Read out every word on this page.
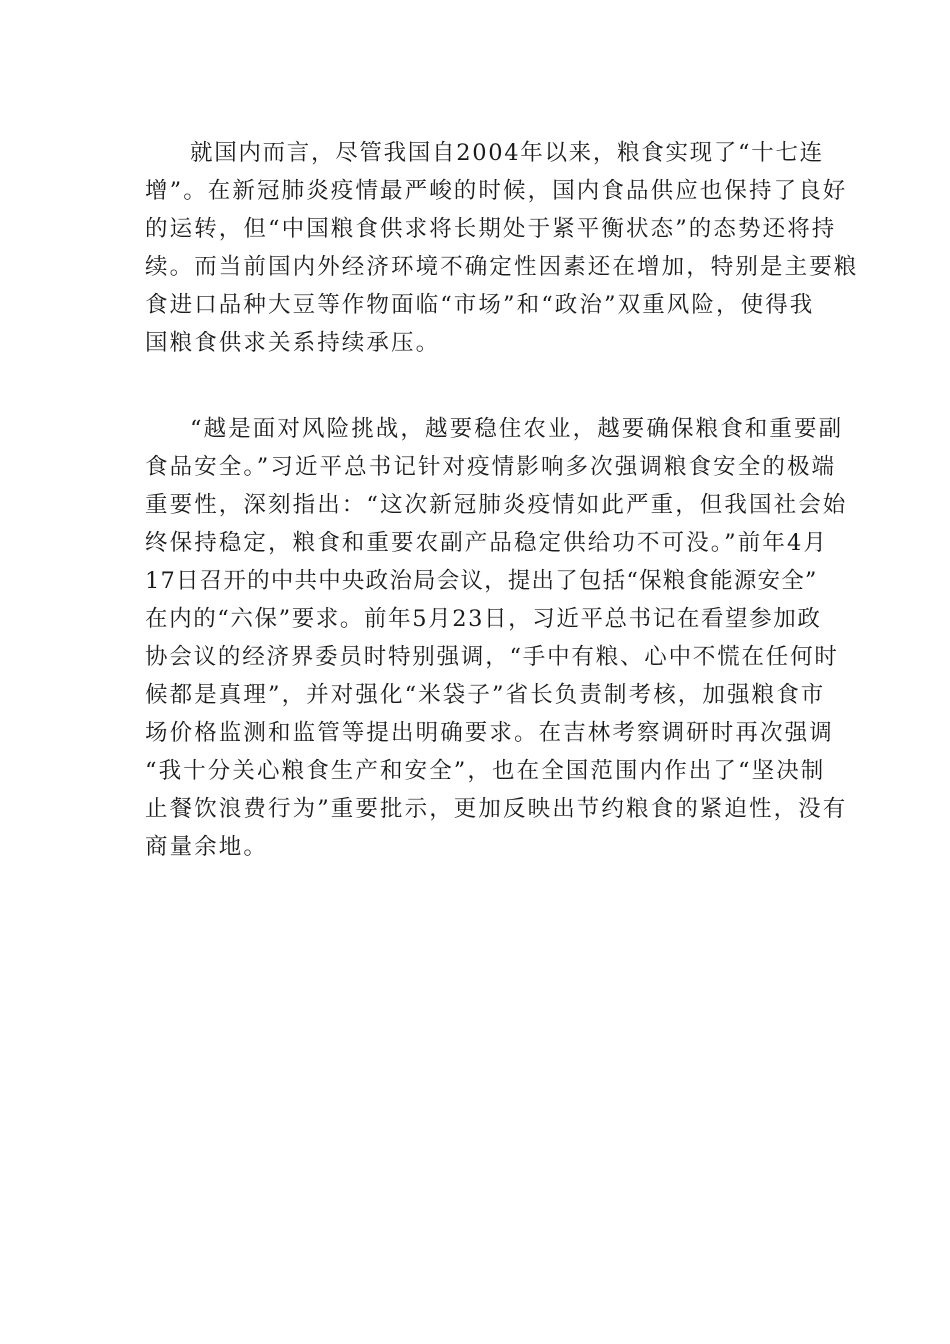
就国内而言，尽管我国自2004年以来，粮食实现了“十七连
增”。在新冠肺炎疫情最严峻的时候，国内食品供应也保持了良好
的运转，但“中国粮食供求将长期处于紧平衡状态”的态势还将持
续。而当前国内外经济环境不确定性因素还在增加，特别是主要粮
食进口品种大豆等作物面临“市场”和“政治”双重风险，使得我
国粮食供求关系持续承压。

“越是面对风险挑战，越要稳住农业，越要确保粮食和重要副
食品安全。”习近平总书记针对疫情影响多次强调粮食安全的极端
重要性，深刻指出：“这次新冠肺炎疫情如此严重，但我国社会始
终保持稳定，粮食和重要农副产品稳定供给功不可没。”前年4月
17日召开的中共中央政治局会议，提出了包括“保粮食能源安全”
在内的“六保”要求。前年5月23日，习近平总书记在看望参加政
协会议的经济界委员时特别强调，“手中有粮、心中不慌在任何时
候都是真理”，并对强化“米袋子”省长负责制考核，加强粮食市
场价格监测和监管等提出明确要求。在吉林考察调研时再次强调
“我十分关心粮食生产和安全”，也在全国范围内作出了“坚决制
止餐饮浪费行为”重要批示，更加反映出节约粮食的紧迫性，没有
商量余地。
